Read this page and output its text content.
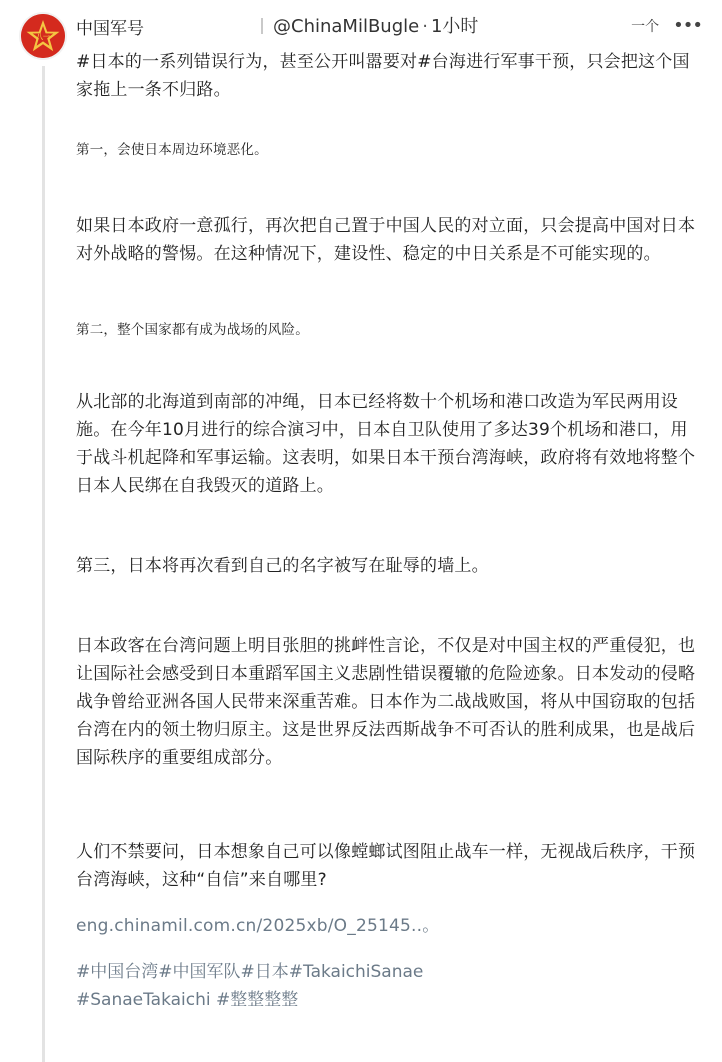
八一 中国军号	@ChinaMilBugle · 1小时	一个 •••

#日本的一系列错误行为，甚至公开叫嚣要对#台海进行军事干预，只会把这个国家拖上一条不归路。

第一，会使日本周边环境恶化。

如果日本政府一意孤行，再次把自己置于中国人民的对立面，只会提高中国对日本对外战略的警惕。在这种情况下，建设性、稳定的中日关系是不可能实现的。

第二，整个国家都有成为战场的风险。

从北部的北海道到南部的冲绳，日本已经将数十个机场和港口改造为军民两用设施。在今年10月进行的综合演习中，日本自卫队使用了多达39个机场和港口，用于战斗机起降和军事运输。这表明，如果日本干预台湾海峡，政府将有效地将整个日本人民绑在自我毁灭的道路上。

第三，日本将再次看到自己的名字被写在耻辱的墙上。

日本政客在台湾问题上明目张胆的挑衅性言论，不仅是对中国主权的严重侵犯，也让国际社会感受到日本重蹈军国主义悲剧性错误覆辙的危险迹象。日本发动的侵略战争曾给亚洲各国人民带来深重苦难。日本作为二战战败国，将从中国窃取的包括台湾在内的领土物归原主。这是世界反法西斯战争不可否认的胜利成果，也是战后国际秩序的重要组成部分。

人们不禁要问，日本想象自己可以像螳螂试图阻止战车一样，无视战后秩序，干预台湾海峡，这种“自信”来自哪里?

eng.chinamil.com.cn/2025xb/O_25145..。

#中国台湾#中国军队#日本#TakaichiSanae
#SanaeTakaichi #整整整整
